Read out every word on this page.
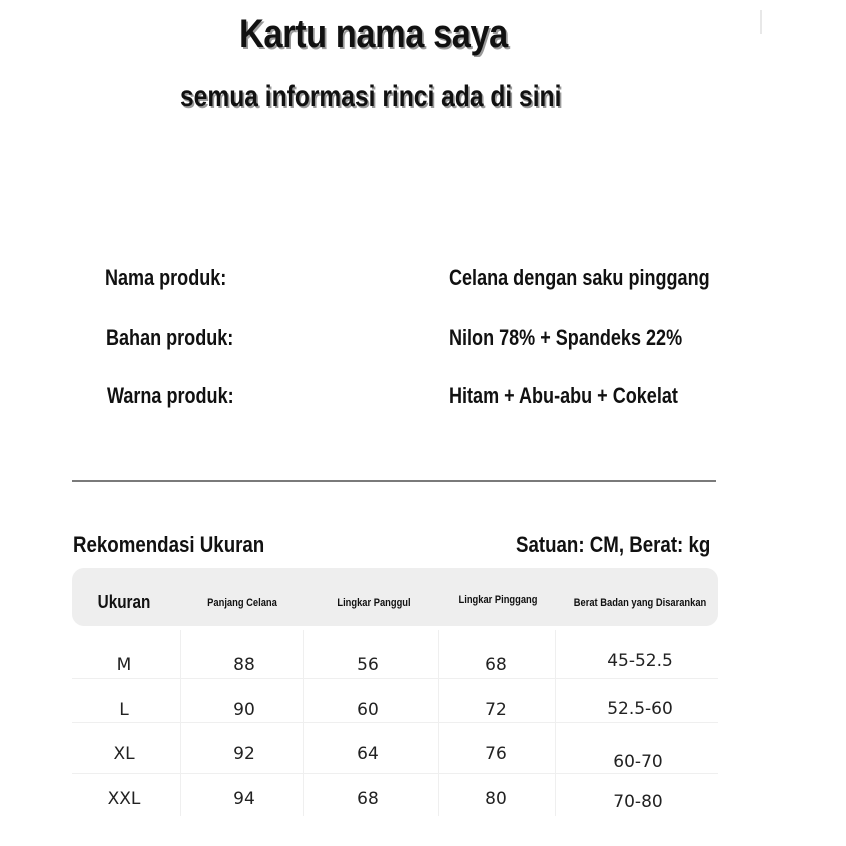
Kartu nama saya
semua informasi rinci ada di sini
Nama produk:	Celana dengan saku pinggang
Bahan produk:	Nilon 78% + Spandeks 22%
Warna produk:	Hitam + Abu-abu + Cokelat
Rekomendasi Ukuran	Satuan: CM, Berat: kg
Ukuran	Panjang Celana	Lingkar Panggul	Lingkar Pinggang	Berat Badan yang Disarankan
M	88	56	68	45-52.5
L	90	60	72	52.5-60
XL	92	64	76	60-70
XXL	94	68	80	70-80
